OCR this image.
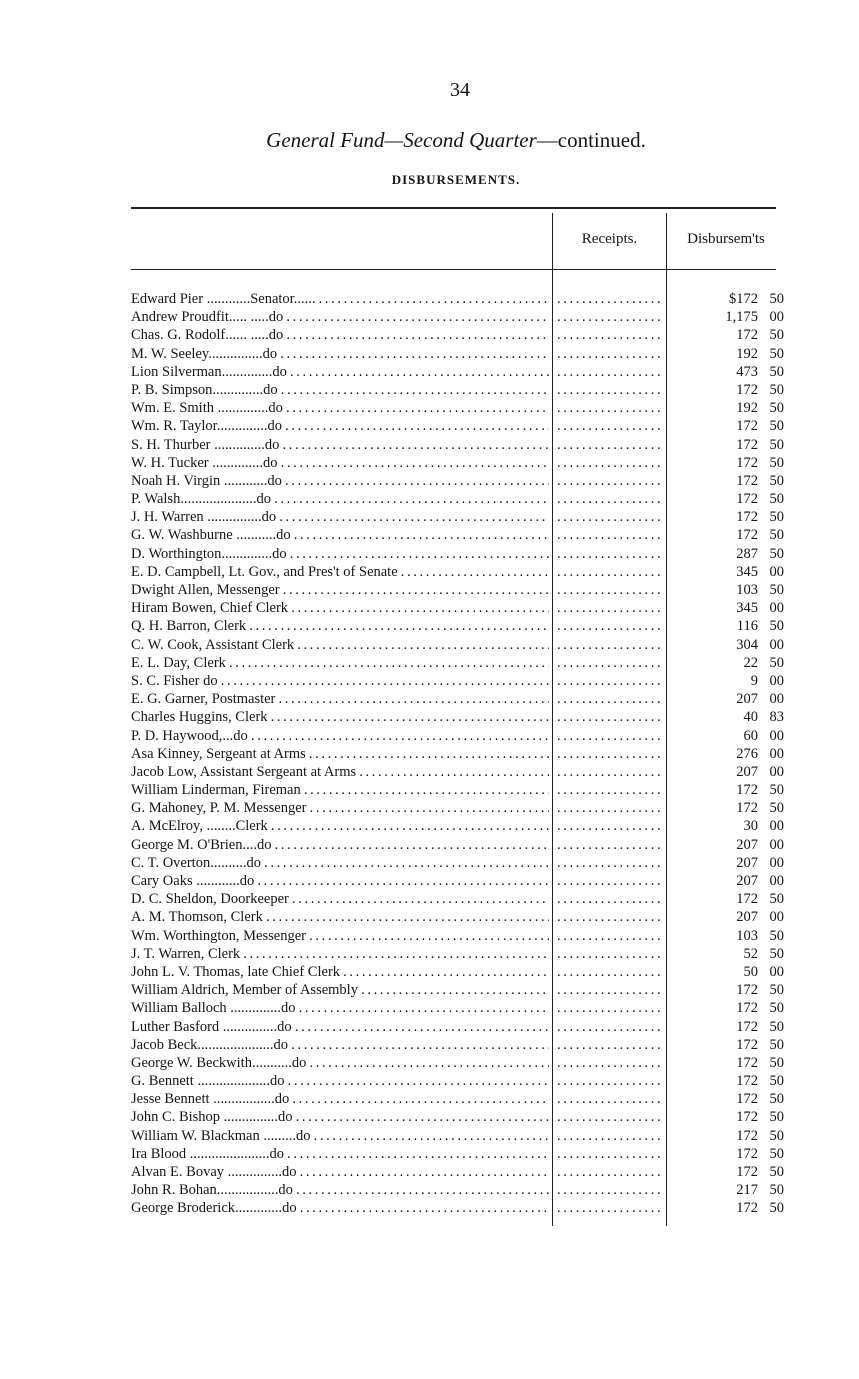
34
General Fund—Second Quarter—continued.
DISBURSEMENTS.
Receipts.	Disbursem'ts
Edward Pier ............Senator...... . . . . . .	$172 50
Andrew Proudfit..... .....do . . . . . .	1,175 00
Chas. G. Rodolf...... .....do . . . . . .	172 50
M. W. Seeley...............do . . . . . .	192 50
Lion Silverman..............do . . . . . .	473 50
P. B. Simpson..............do . . . . . .	172 50
Wm. E. Smith ..............do . . . . . .	192 50
Wm. R. Taylor..............do . . . . . .	172 50
S. H. Thurber ..............do . . . . . .	172 50
W. H. Tucker ..............do . . . . . .	172 50
Noah H. Virgin ............do . . . . . .	172 50
P. Walsh.....................do . . . . . .	172 50
J. H. Warren ...............do . . . . . .	172 50
G. W. Washburne ...........do . . . . . .	172 50
D. Worthington..............do . . . . . .	287 50
E. D. Campbell, Lt. Gov., and Pres't of Senate . . . . . .	345 00
Dwight Allen, Messenger . . . . . .	103 50
Hiram Bowen, Chief Clerk . . . . . .	345 00
Q. H. Barron, Clerk . . . . . .	116 50
C. W. Cook, Assistant Clerk . . . . . .	304 00
E. L. Day, Clerk . . . . . .	22 50
S. C. Fisher do . . . . . .	9 00
E. G. Garner, Postmaster . . . . . .	207 00
Charles Huggins, Clerk . . . . . .	40 83
P. D. Haywood,...do . . . . . .	60 00
Asa Kinney, Sergeant at Arms . . . . . .	276 00
Jacob Low, Assistant Sergeant at Arms . . . . . .	207 00
William Linderman, Fireman . . . . . .	172 50
G. Mahoney, P. M. Messenger . . . . . .	172 50
A. McElroy, ........Clerk . . . . . .	30 00
George M. O'Brien....do . . . . . .	207 00
C. T. Overton..........do . . . . . .	207 00
Cary Oaks ............do . . . . . .	207 00
D. C. Sheldon, Doorkeeper . . . . . .	172 50
A. M. Thomson, Clerk . . . . . .	207 00
Wm. Worthington, Messenger . . . . . .	103 50
J. T. Warren, Clerk . . . . . .	52 50
John L. V. Thomas, late Chief Clerk . . . . . .	50 00
William Aldrich, Member of Assembly . . . . . .	172 50
William Balloch ..............do . . . . . .	172 50
Luther Basford ...............do . . . . . .	172 50
Jacob Beck.....................do . . . . . .	172 50
George W. Beckwith...........do . . . . . .	172 50
G. Bennett ....................do . . . . . .	172 50
Jesse Bennett .................do . . . . . .	172 50
John C. Bishop ...............do . . . . . .	172 50
William W. Blackman .........do . . . . . .	172 50
Ira Blood ......................do . . . . . .	172 50
Alvan E. Bovay ...............do . . . . . .	172 50
John R. Bohan.................do . . . . . .	217 50
George Broderick.............do . . . . . .	172 50
